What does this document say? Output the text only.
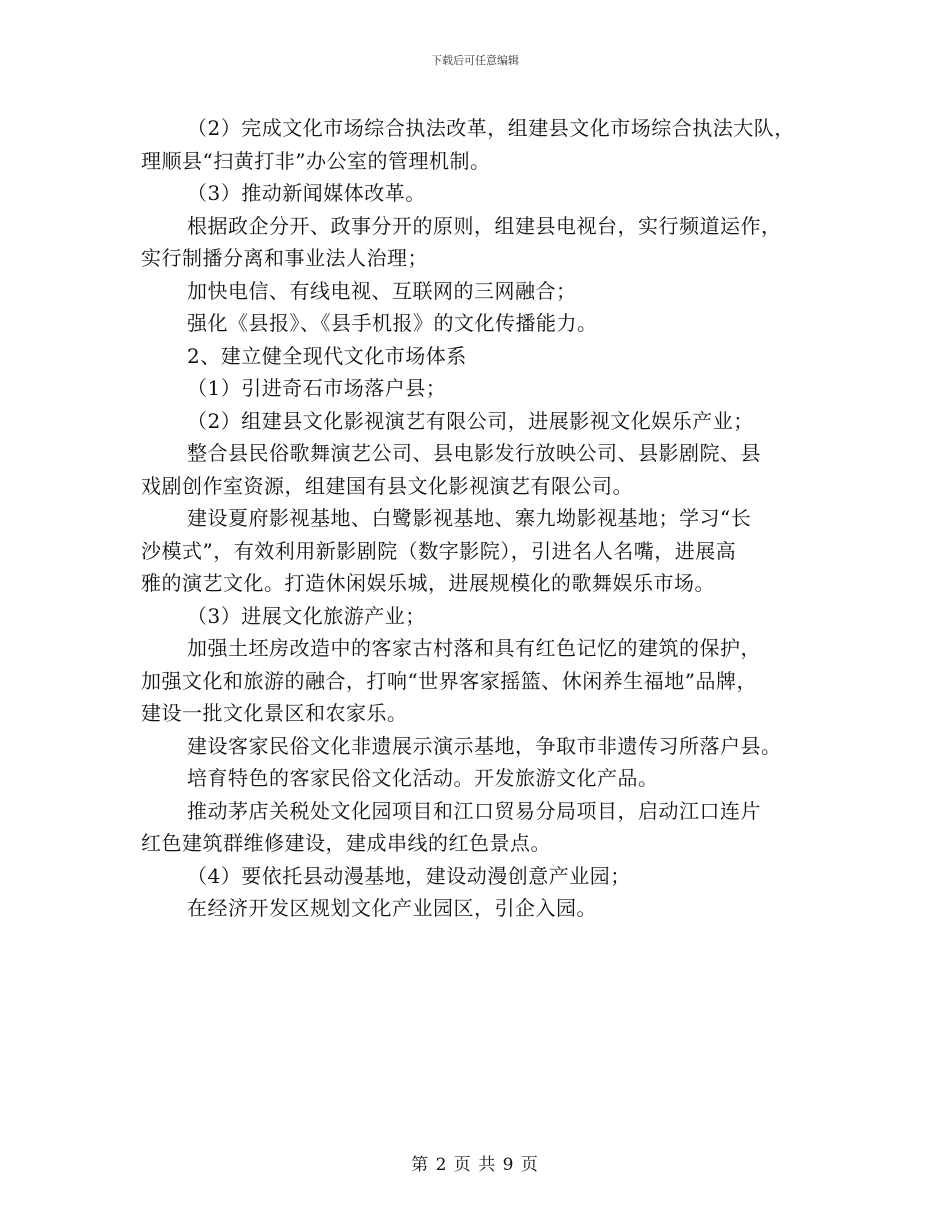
下载后可任意编辑
（2）完成文化市场综合执法改革，组建县文化市场综合执法大队，
理顺县“扫黄打非”办公室的管理机制。
（3）推动新闻媒体改革。
根据政企分开、政事分开的原则，组建县电视台，实行频道运作，
实行制播分离和事业法人治理；
加快电信、有线电视、互联网的三网融合；
强化《县报》、《县手机报》的文化传播能力。
2、建立健全现代文化市场体系
（1）引进奇石市场落户县；
（2）组建县文化影视演艺有限公司，进展影视文化娱乐产业；
整合县民俗歌舞演艺公司、县电影发行放映公司、县影剧院、县
戏剧创作室资源，组建国有县文化影视演艺有限公司。
建设夏府影视基地、白鹭影视基地、寨九坳影视基地；学习“长
沙模式”，有效利用新影剧院（数字影院），引进名人名嘴，进展高
雅的演艺文化。打造休闲娱乐城，进展规模化的歌舞娱乐市场。
（3）进展文化旅游产业；
加强土坯房改造中的客家古村落和具有红色记忆的建筑的保护，
加强文化和旅游的融合，打响“世界客家摇篮、休闲养生福地”品牌，
建设一批文化景区和农家乐。
建设客家民俗文化非遗展示演示基地，争取市非遗传习所落户县。
培育特色的客家民俗文化活动。开发旅游文化产品。
推动茅店关税处文化园项目和江口贸易分局项目，启动江口连片
红色建筑群维修建设，建成串线的红色景点。
（4）要依托县动漫基地，建设动漫创意产业园；
在经济开发区规划文化产业园区，引企入园。
第 2 页 共 9 页
